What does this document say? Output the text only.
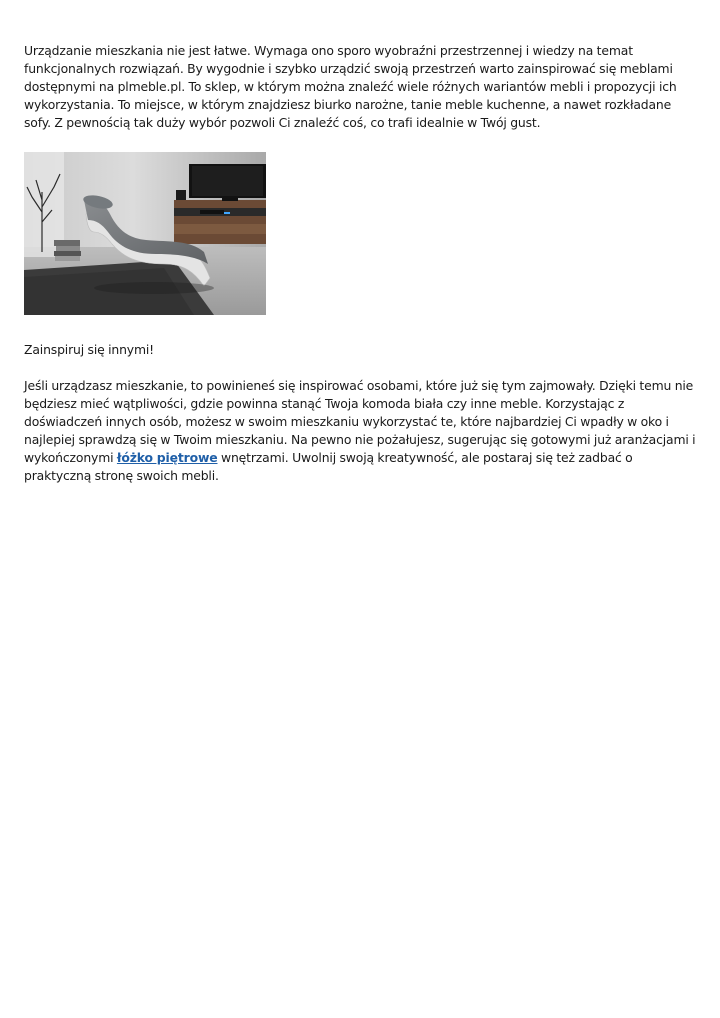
Urządzanie mieszkania nie jest łatwe. Wymaga ono sporo wyobraźni przestrzennej i wiedzy na temat funkcjonalnych rozwiązań. By wygodnie i szybko urządzić swoją przestrzeń warto zainspirować się meblami dostępnymi na plmeble.pl. To sklep, w którym można znaleźć wiele różnych wariantów mebli i propozycji ich wykorzystania. To miejsce, w którym znajdziesz biurko narożne, tanie meble kuchenne, a nawet rozkładane sofy. Z pewnością tak duży wybór pozwoli Ci znaleźć coś, co trafi idealnie w Twój gust.

Zainspiruj się innymi!

Jeśli urządzasz mieszkanie, to powinieneś się inspirować osobami, które już się tym zajmowały. Dzięki temu nie będziesz mieć wątpliwości, gdzie powinna stanąć Twoja komoda biała czy inne meble. Korzystając z doświadczeń innych osób, możesz w swoim mieszkaniu wykorzystać te, które najbardziej Ci wpadły w oko i najlepiej sprawdzą się w Twoim mieszkaniu. Na pewno nie pożałujesz, sugerując się gotowymi już aranżacjami i wykończonymi łóżko piętrowe wnętrzami. Uwolnij swoją kreatywność, ale postaraj się też zadbać o praktyczną stronę swoich mebli.
